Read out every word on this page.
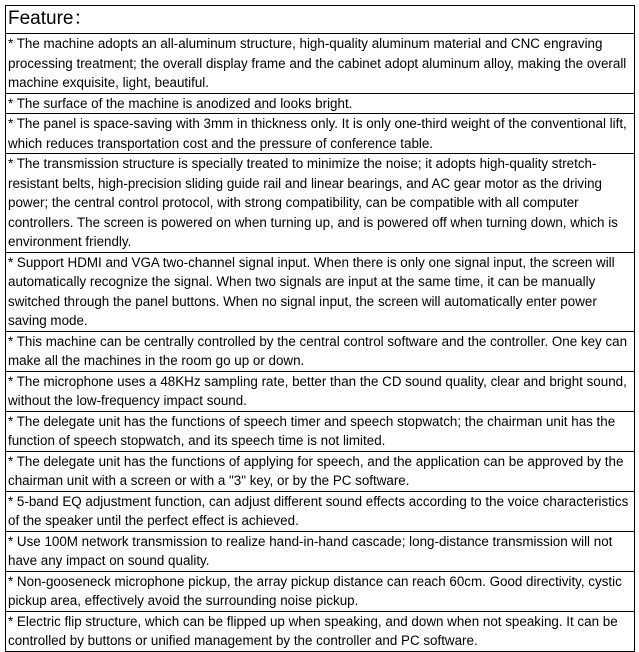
Feature：
* The machine adopts an all-aluminum structure, high-quality aluminum material and CNC engraving processing treatment; the overall display frame and the cabinet adopt aluminum alloy, making the overall machine exquisite, light, beautiful.
* The surface of the machine is anodized and looks bright.
* The panel is space-saving with 3mm in thickness only. It is only one-third weight of the conventional lift, which reduces transportation cost and the pressure of conference table.
* The transmission structure is specially treated to minimize the noise; it adopts high-quality stretch-resistant belts, high-precision sliding guide rail and linear bearings, and AC gear motor as the driving power; the central control protocol, with strong compatibility, can be compatible with all computer controllers. The screen is powered on when turning up, and is powered off when turning down, which is environment friendly.
* Support HDMI and VGA two-channel signal input. When there is only one signal input, the screen will automatically recognize the signal. When two signals are input at the same time, it can be manually switched through the panel buttons. When no signal input, the screen will automatically enter power saving mode.
* This machine can be centrally controlled by the central control software and the controller. One key can make all the machines in the room go up or down.
* The microphone uses a 48KHz sampling rate, better than the CD sound quality, clear and bright sound, without the low-frequency impact sound.
* The delegate unit has the functions of speech timer and speech stopwatch; the chairman unit has the function of speech stopwatch, and its speech time is not limited.
* The delegate unit has the functions of applying for speech, and the application can be approved by the chairman unit with a screen or with a "3" key, or by the PC software.
* 5-band EQ adjustment function, can adjust different sound effects according to the voice characteristics of the speaker until the perfect effect is achieved.
* Use 100M network transmission to realize hand-in-hand cascade; long-distance transmission will not have any impact on sound quality.
* Non-gooseneck microphone pickup, the array pickup distance can reach 60cm. Good directivity, cystic pickup area, effectively avoid the surrounding noise pickup.
* Electric flip structure, which can be flipped up when speaking, and down when not speaking. It can be controlled by buttons or unified management by the controller and PC software.
